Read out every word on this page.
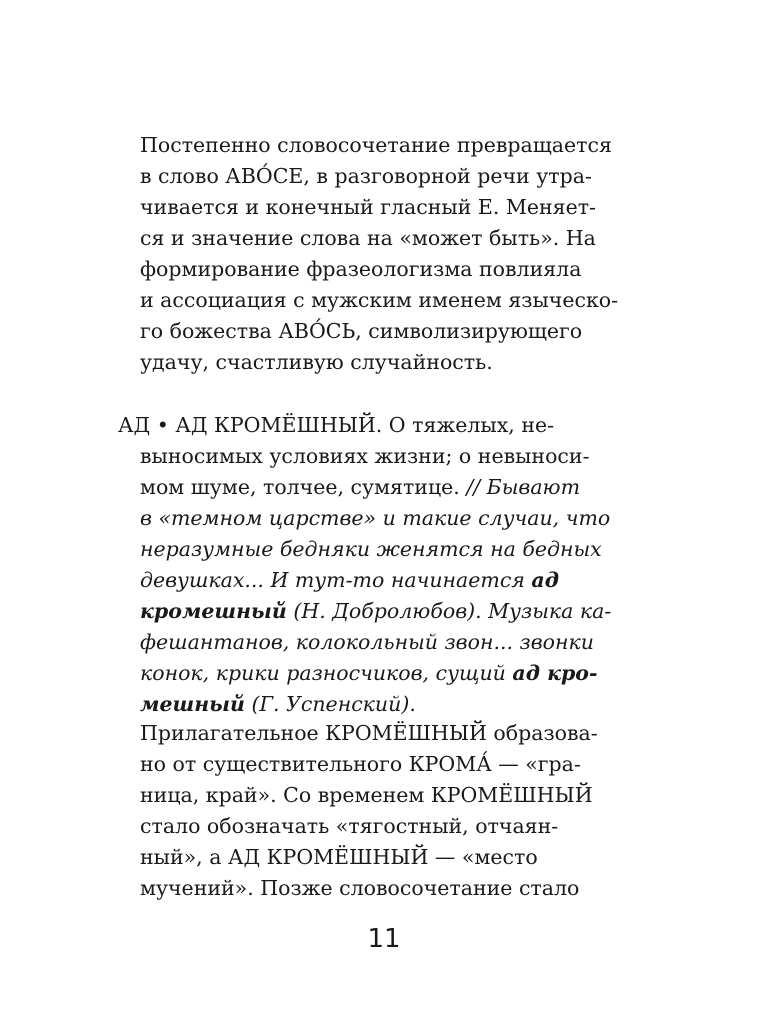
Постепенно словосочетание превращается
в слово АВО́СЕ, в разговорной речи утра-
чивается и конечный гласный Е. Меняет-
ся и значение слова на «может быть». На
формирование фразеологизма повлияла
и ассоциация с мужским именем языческо-
го божества АВО́СЬ, символизирующего
удачу, счастливую случайность.
АД • АД КРОМЁШНЫЙ. О тяжелых, не-
выносимых условиях жизни; о невыноси-
мом шуме, толчее, сумятице. // Бывают
в «темном царстве» и такие случаи, что
неразумные бедняки женятся на бедных
девушках... И тут-то начинается ад
кромешный (Н. Добролюбов). Музыка ка-
фешантанов, колокольный звон... звонки
конок, крики разносчиков, сущий ад кро-
мешный (Г. Успенский).
Прилагательное КРОМЁШНЫЙ образова-
но от существительного КРОМА́ — «гра-
ница, край». Со временем КРОМЁШНЫЙ
стало обозначать «тягостный, отчаян-
ный», а АД КРОМЁШНЫЙ — «место
мучений». Позже словосочетание стало
11
